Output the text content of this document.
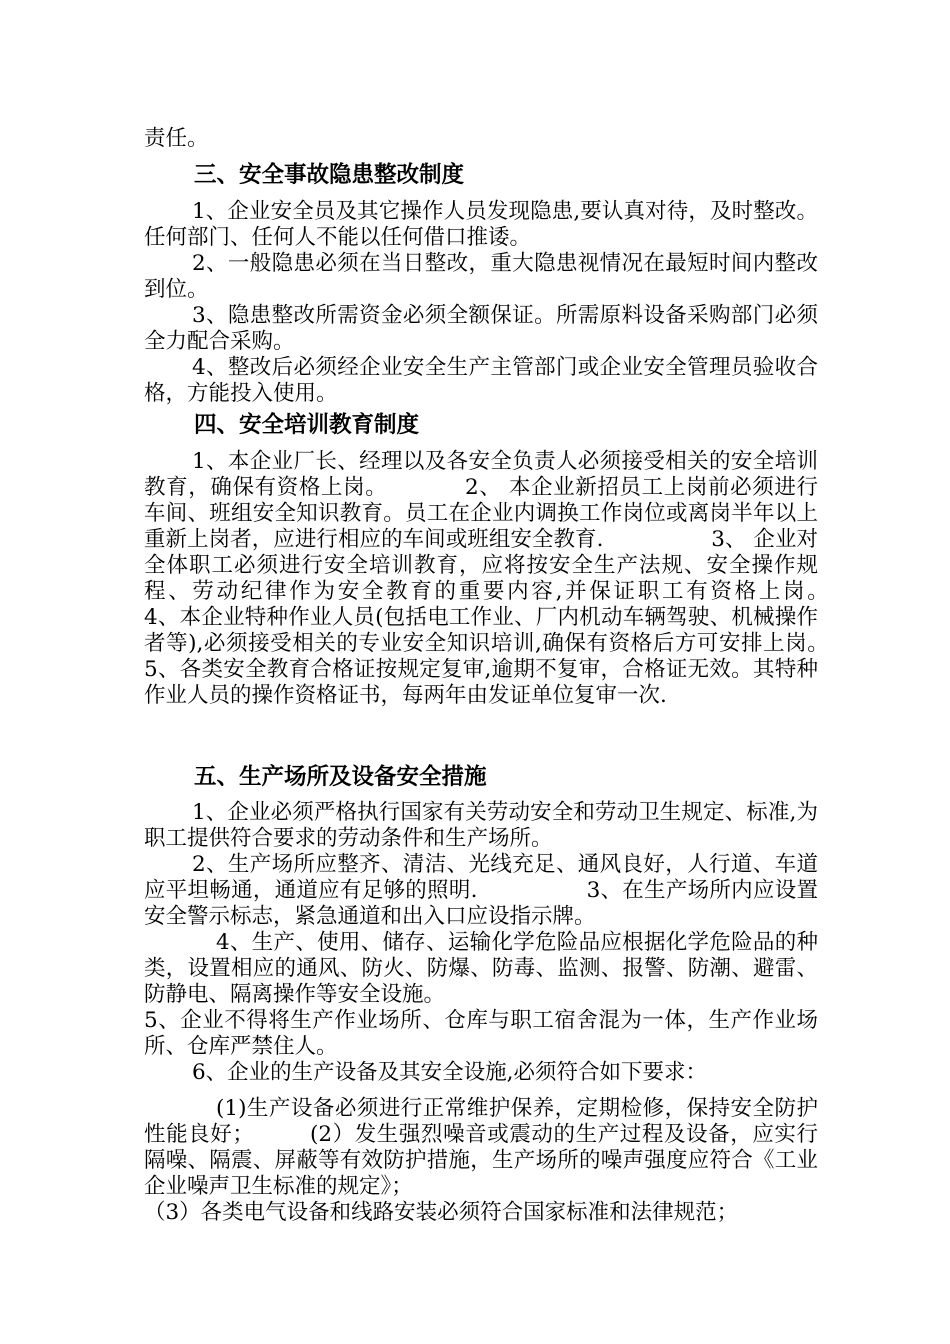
责任。

三、安全事故隐患整改制度

1、企业安全员及其它操作人员发现隐患,要认真对待，及时整改。任何部门、任何人不能以任何借口推诿。

2、一般隐患必须在当日整改，重大隐患视情况在最短时间内整改到位。

3、隐患整改所需资金必须全额保证。所需原料设备采购部门必须全力配合采购。

4、整改后必须经企业安全生产主管部门或企业安全管理员验收合格，方能投入使用。

四、安全培训教育制度

1、本企业厂长、经理以及各安全负责人必须接受相关的安全培训教育，确保有资格上岗。　　　　2、 本企业新招员工上岗前必须进行车间、班组安全知识教育。员工在企业内调换工作岗位或离岗半年以上重新上岗者，应进行相应的车间或班组安全教育.　　　　　3、 企业对全体职工必须进行安全培训教育，应将按安全生产法规、安全操作规程、劳动纪律作为安全教育的重要内容,并保证职工有资格上岗。　　　　　4、本企业特种作业人员(包括电工作业、厂内机动车辆驾驶、机械操作者等),必须接受相关的专业安全知识培训,确保有资格后方可安排上岗。　　　　5、各类安全教育合格证按规定复审,逾期不复审，合格证无效。其特种作业人员的操作资格证书，每两年由发证单位复审一次.

五、生产场所及设备安全措施

1、企业必须严格执行国家有关劳动安全和劳动卫生规定、标准,为职工提供符合要求的劳动条件和生产场所。

2、生产场所应整齐、清洁、光线充足、通风良好，人行道、车道应平坦畅通，通道应有足够的照明.　　　　　3、在生产场所内应设置安全警示标志，紧急通道和出入口应设指示牌。

4、生产、使用、储存、运输化学危险品应根据化学危险品的种类，设置相应的通风、防火、防爆、防毒、监测、报警、防潮、避雷、防静电、隔离操作等安全设施。

5、企业不得将生产作业场所、仓库与职工宿舍混为一体，生产作业场所、仓库严禁住人。

6、企业的生产设备及其安全设施,必须符合如下要求：

(1)生产设备必须进行正常维护保养，定期检修，保持安全防护性能良好；　　　(2）发生强烈噪音或震动的生产过程及设备，应实行隔噪、隔震、屏蔽等有效防护措施，生产场所的噪声强度应符合《工业企业噪声卫生标准的规定》；

（3）各类电气设备和线路安装必须符合国家标准和法律规范；
